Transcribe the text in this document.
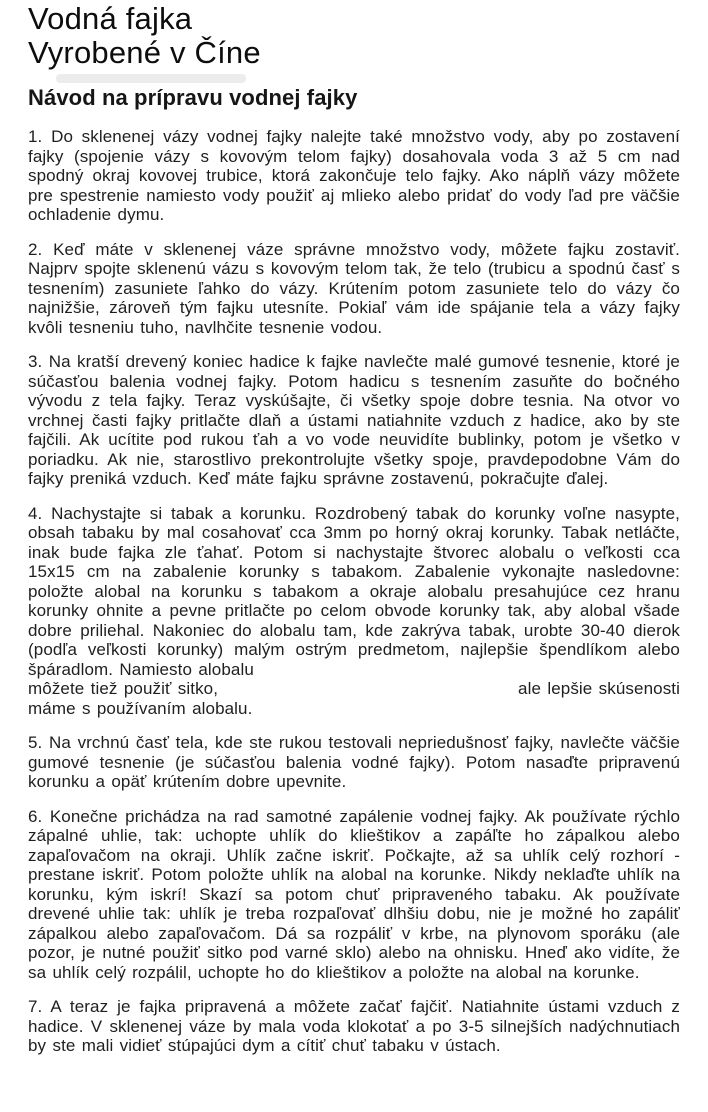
Vodná fajka
Vyrobené v Číne
Návod na prípravu vodnej fajky

1. Do sklenenej vázy vodnej fajky nalejte také množstvo vody, aby po zostavení fajky (spojenie vázy s kovovým telom fajky) dosahovala voda 3 až 5 cm nad spodný okraj kovovej trubice, ktorá zakončuje telo fajky. Ako náplň vázy môžete pre spestrenie namiesto vody použiť aj mlieko alebo pridať do vody ľad pre väčšie ochladenie dymu.

2. Keď máte v sklenenej váze správne množstvo vody, môžete fajku zostaviť. Najprv spojte sklenenú vázu s kovovým telom tak, že telo (trubicu a spodnú časť s tesnením) zasuniete ľahko do vázy. Krútením potom zasuniete telo do vázy čo najnižšie, zároveň tým fajku utesníte. Pokiaľ vám ide spájanie tela a vázy fajky kvôli tesneniu tuho, navlhčite tesnenie vodou.

3. Na kratší drevený koniec hadice k fajke navlečte malé gumové tesnenie, ktoré je súčasťou balenia vodnej fajky. Potom hadicu s tesnením zasuňte do bočného vývodu z tela fajky. Teraz vyskúšajte, či všetky spoje dobre tesnia. Na otvor vo vrchnej časti fajky pritlačte dlaň a ústami natiahnite vzduch z hadice, ako by ste fajčili. Ak ucítite pod rukou ťah a vo vode neuvidíte bublinky, potom je všetko v poriadku. Ak nie, starostlivo prekontrolujte všetky spoje, pravdepodobne Vám do fajky preniká vzduch. Keď máte fajku správne zostavenú, pokračujte ďalej.

4. Nachystajte si tabak a korunku. Rozdrobený tabak do korunky voľne nasypte, obsah tabaku by mal cosahovať cca 3mm po horný okraj korunky. Tabak netláčte, inak bude fajka zle ťahať. Potom si nachystajte štvorec alobalu o veľkosti cca 15x15 cm na zabalenie korunky s tabakom. Zabalenie vykonajte nasledovne: položte alobal na korunku s tabakom a okraje alobalu presahujúce cez hranu korunky ohnite a pevne pritlačte po celom obvode korunky tak, aby alobal všade dobre priliehal. Nakoniec do alobalu tam, kde zakrýva tabak, urobte 30-40 dierok (podľa veľkosti korunky) malým ostrým predmetom, najlepšie špendlíkom alebo špáradlom. Namiesto alobalu

môžete tiež použiť sitko,	ale lepšie skúsenosti

máme s používaním alobalu.

5. Na vrchnú časť tela, kde ste rukou testovali nepriedušnosť fajky, navlečte väčšie gumové tesnenie (je súčasťou balenia vodné fajky). Potom nasaďte pripravenú korunku a opäť krútením dobre upevnite.

6. Konečne prichádza na rad samotné zapálenie vodnej fajky. Ak používate rýchlo zápalné uhlie, tak: uchopte uhlík do klieštikov a zapáľte ho zápalkou alebo zapaľovačom na okraji. Uhlík začne iskriť. Počkajte, až sa uhlík celý rozhorí - prestane iskriť. Potom položte uhlík na alobal na korunke. Nikdy neklaďte uhlík na korunku, kým iskrí! Skazí sa potom chuť pripraveného tabaku. Ak používate drevené uhlie tak: uhlík je treba rozpaľovať dlhšiu dobu, nie je možné ho zapáliť zápalkou alebo zapaľovačom. Dá sa rozpáliť v krbe, na plynovom sporáku (ale pozor, je nutné použiť sitko pod varné sklo) alebo na ohnisku. Hneď ako vidíte, že sa uhlík celý rozpálil, uchopte ho do klieštikov a položte na alobal na korunke.

7. A teraz je fajka pripravená a môžete začať fajčiť. Natiahnite ústami vzduch z hadice. V sklenenej váze by mala voda klokotať a po 3-5 silnejších nadýchnutiach by ste mali vidieť stúpajúci dym a cítiť chuť tabaku v ústach.
